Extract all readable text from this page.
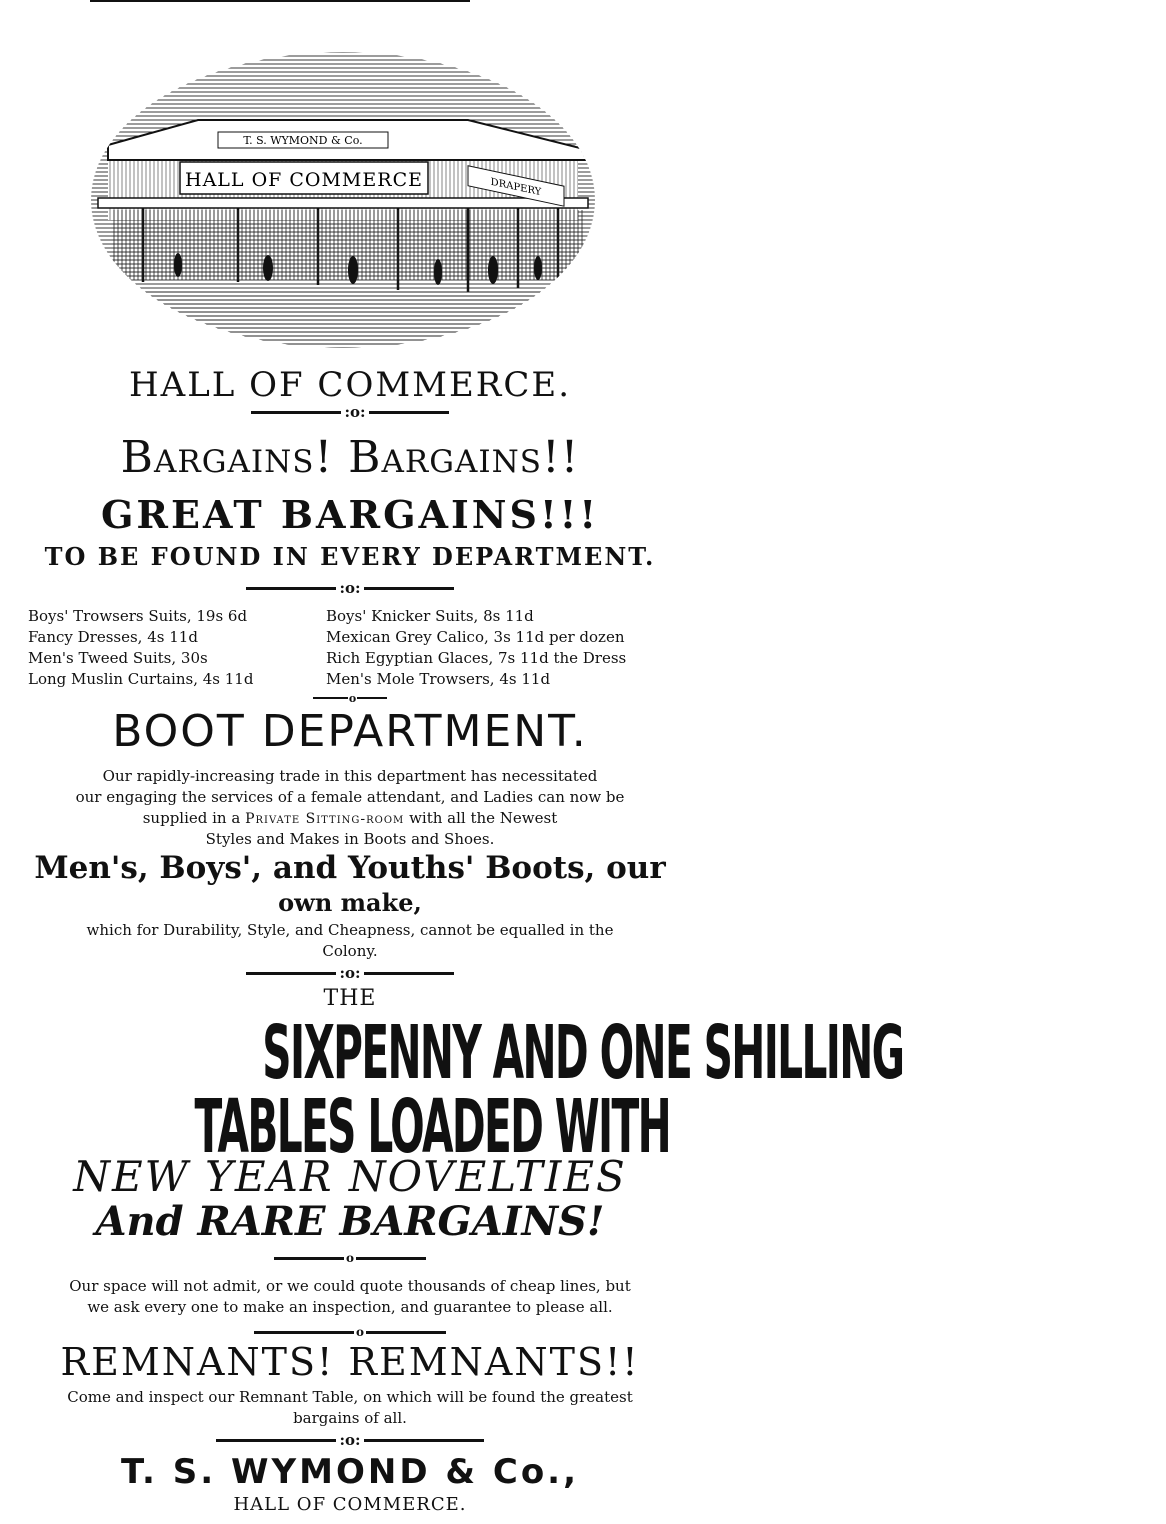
T. S. WYMOND & Co.
HALL OF COMMERCE	DRAPERY
HALL OF COMMERCE.
:o:
Bargains! Bargains!!
GREAT BARGAINS!!!
TO BE FOUND IN EVERY DEPARTMENT.
:o:
Boys' Trowsers Suits, 19s 6d
Fancy Dresses, 4s 11d
Men's Tweed Suits, 30s
Long Muslin Curtains, 4s 11d
Boys' Knicker Suits, 8s 11d
Mexican Grey Calico, 3s 11d per dozen
Rich Egyptian Glaces, 7s 11d the Dress
Men's Mole Trowsers, 4s 11d
o
BOOT DEPARTMENT.
Our rapidly-increasing trade in this department has necessitated
our engaging the services of a female attendant, and Ladies can now be
supplied in a Private Sitting-room with all the Newest
Styles and Makes in Boots and Shoes.
Men's, Boys', and Youths' Boots, our
own make,
which for Durability, Style, and Cheapness, cannot be equalled in the
Colony.
:o:
THE
SIXPENNY AND ONE SHILLING
TABLES LOADED WITH
NEW YEAR NOVELTIES
And RARE BARGAINS!
o
Our space will not admit, or we could quote thousands of cheap lines, but
we ask every one to make an inspection, and guarantee to please all.
o
REMNANTS! REMNANTS!!
Come and inspect our Remnant Table, on which will be found the greatest
bargains of all.
:o:
T. S. WYMOND & Co.,
HALL OF COMMERCE.
